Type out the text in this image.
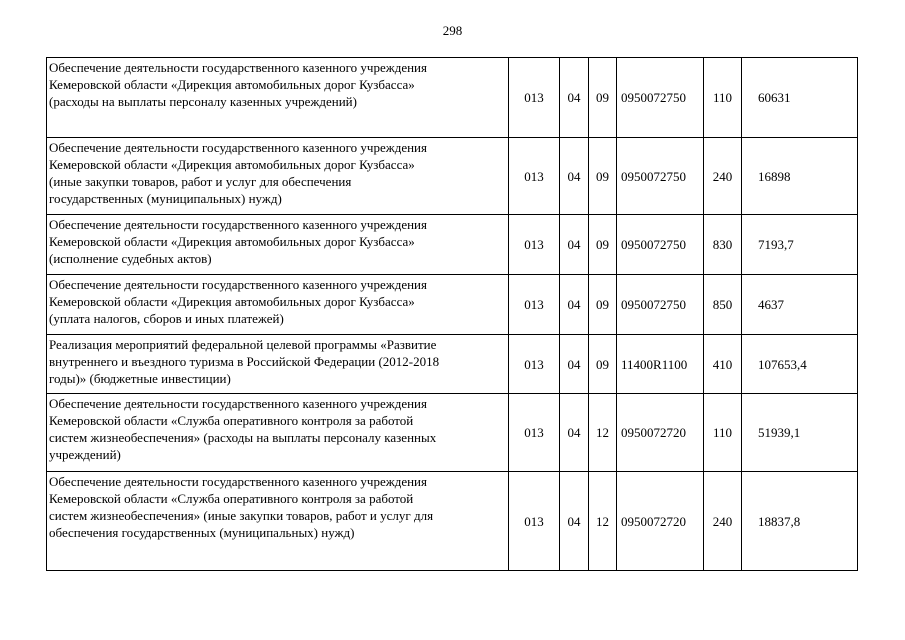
298
Обеспечение деятельности государственного казенного учреждения
Кемеровской области «Дирекция автомобильных дорог Кузбасса»
(расходы на выплаты персоналу казенных учреждений)	013	04	09	0950072750	110	60631
Обеспечение деятельности государственного казенного учреждения
Кемеровской области «Дирекция автомобильных дорог Кузбасса»
(иные закупки товаров, работ и услуг для обеспечения
государственных (муниципальных) нужд)	013	04	09	0950072750	240	16898
Обеспечение деятельности государственного казенного учреждения
Кемеровской области «Дирекция автомобильных дорог Кузбасса»
(исполнение судебных актов)	013	04	09	0950072750	830	7193,7
Обеспечение деятельности государственного казенного учреждения
Кемеровской области «Дирекция автомобильных дорог Кузбасса»
(уплата налогов, сборов и иных платежей)	013	04	09	0950072750	850	4637
Реализация мероприятий федеральной целевой программы «Развитие
внутреннего и въездного туризма в Российской Федерации (2012-2018
годы)» (бюджетные инвестиции)	013	04	09	11400R1100	410	107653,4
Обеспечение деятельности государственного казенного учреждения
Кемеровской области «Служба оперативного контроля за работой
систем жизнеобеспечения» (расходы на выплаты персоналу казенных
учреждений)	013	04	12	0950072720	110	51939,1
Обеспечение деятельности государственного казенного учреждения
Кемеровской области «Служба оперативного контроля за работой
систем жизнеобеспечения» (иные закупки товаров, работ и услуг для
обеспечения государственных (муниципальных) нужд)	013	04	12	0950072720	240	18837,8
